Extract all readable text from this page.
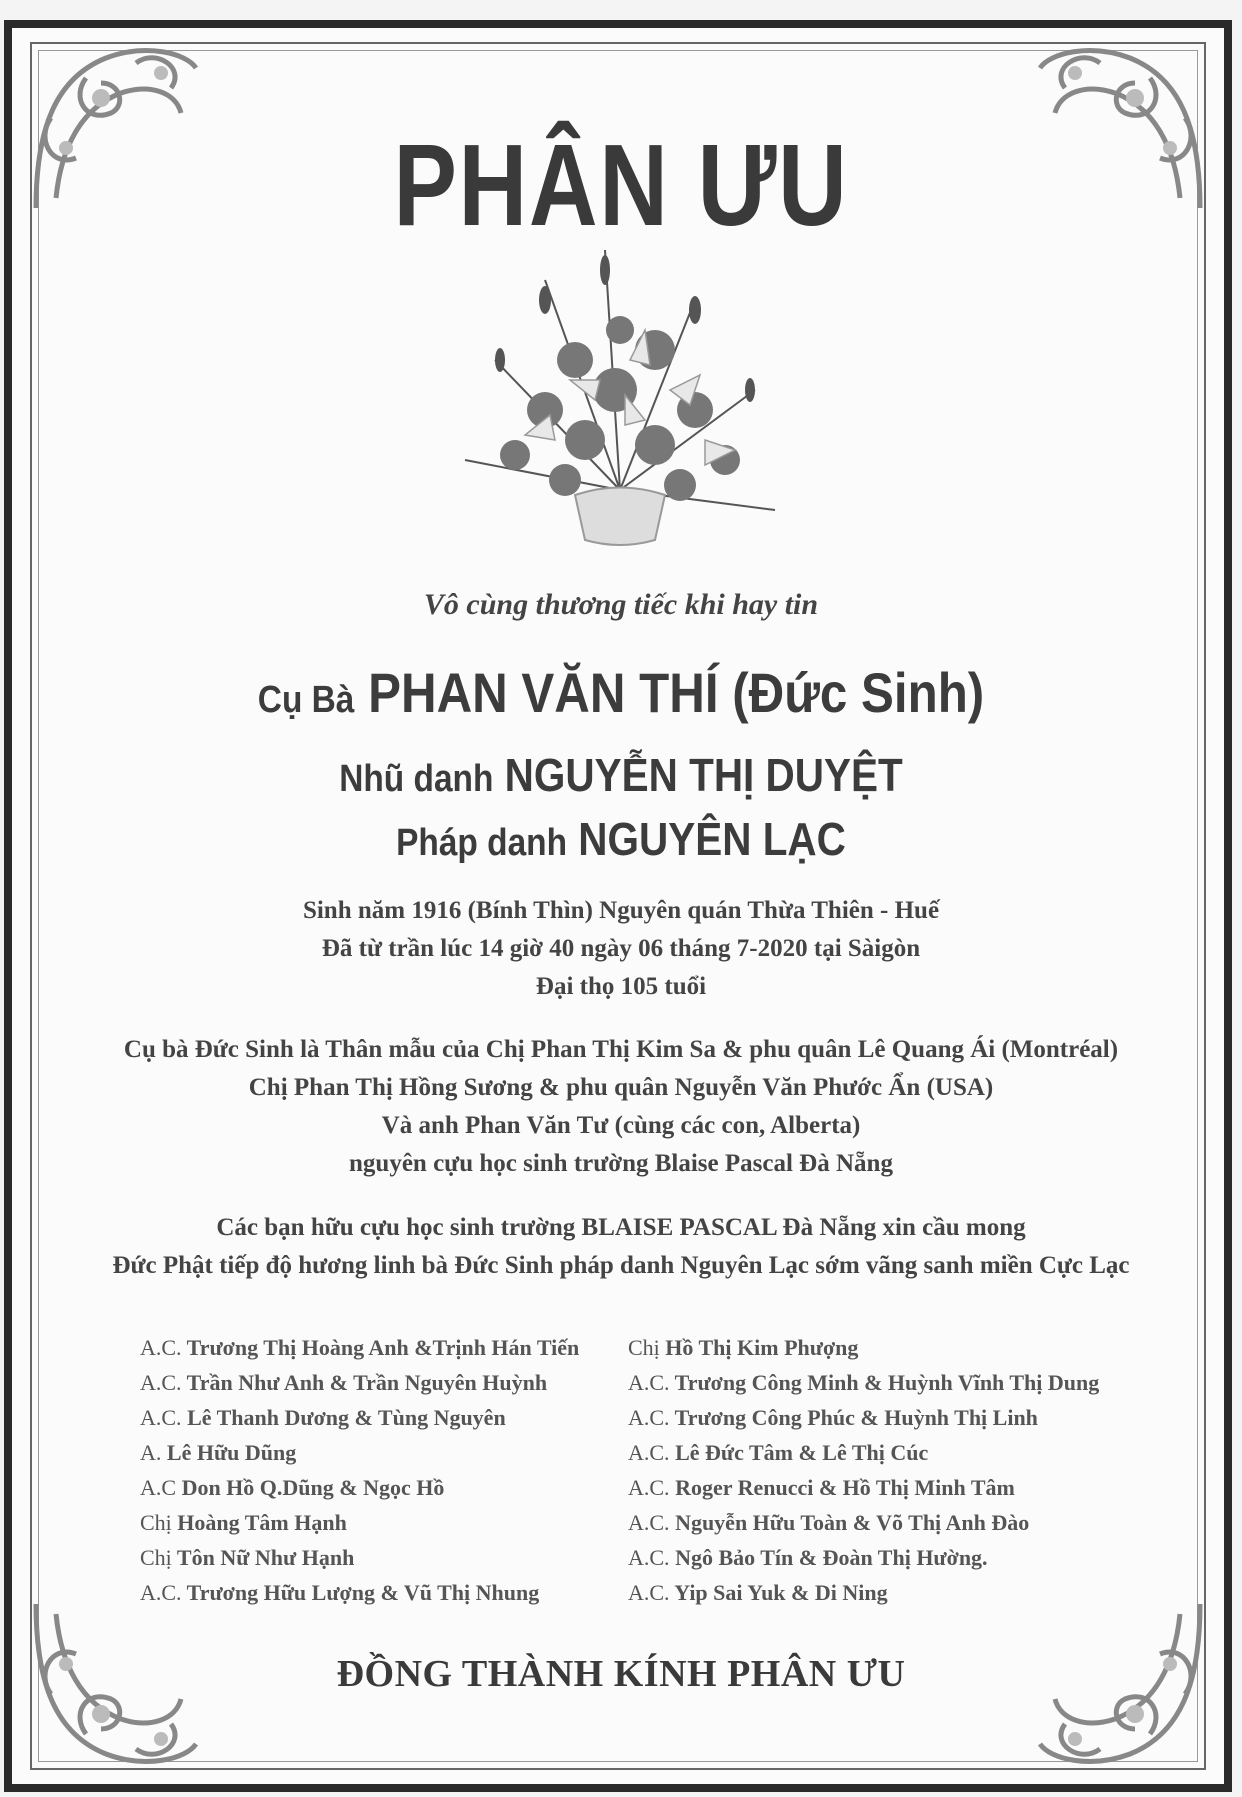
PHÂN ƯU
Vô cùng thương tiếc khi hay tin
Cụ Bà PHAN VĂN THÍ (Đức Sinh)
Nhũ danh NGUYỄN THỊ DUYỆT
Pháp danh NGUYÊN LẠC
Sinh năm 1916 (Bính Thìn) Nguyên quán Thừa Thiên - Huế
Đã từ trần lúc 14 giờ 40 ngày 06 tháng 7-2020 tại Sàigòn
Đại thọ 105 tuổi
Cụ bà Đức Sinh là Thân mẫu của Chị Phan Thị Kim Sa & phu quân Lê Quang Ái (Montréal)
Chị Phan Thị Hồng Sương & phu quân Nguyễn Văn Phước Ẩn (USA)
Và anh Phan Văn Tư (cùng các con, Alberta)
nguyên cựu học sinh trường Blaise Pascal Đà Nẵng
Các bạn hữu cựu học sinh trường BLAISE PASCAL Đà Nẵng xin cầu mong
Đức Phật tiếp độ hương linh bà Đức Sinh pháp danh Nguyên Lạc sớm vãng sanh miền Cực Lạc
A.C. Trương Thị Hoàng Anh &Trịnh Hán Tiến
A.C. Trần Như Anh & Trần Nguyên Huỳnh
A.C. Lê Thanh Dương & Tùng Nguyên
A. Lê Hữu Dũng
A.C Don Hồ Q.Dũng & Ngọc Hồ
Chị Hoàng Tâm Hạnh
Chị Tôn Nữ Như Hạnh
A.C. Trương Hữu Lượng & Vũ Thị Nhung
Chị Hồ Thị Kim Phượng
A.C. Trương Công Minh & Huỳnh Vĩnh Thị Dung
A.C. Trương Công Phúc & Huỳnh Thị Linh
A.C. Lê Đức Tâm & Lê Thị Cúc
A.C. Roger Renucci & Hồ Thị Minh Tâm
A.C. Nguyễn Hữu Toàn & Võ Thị Anh Đào
A.C. Ngô Bảo Tín & Đoàn Thị Hường.
A.C. Yip Sai Yuk & Di Ning
ĐỒNG THÀNH KÍNH PHÂN ƯU
